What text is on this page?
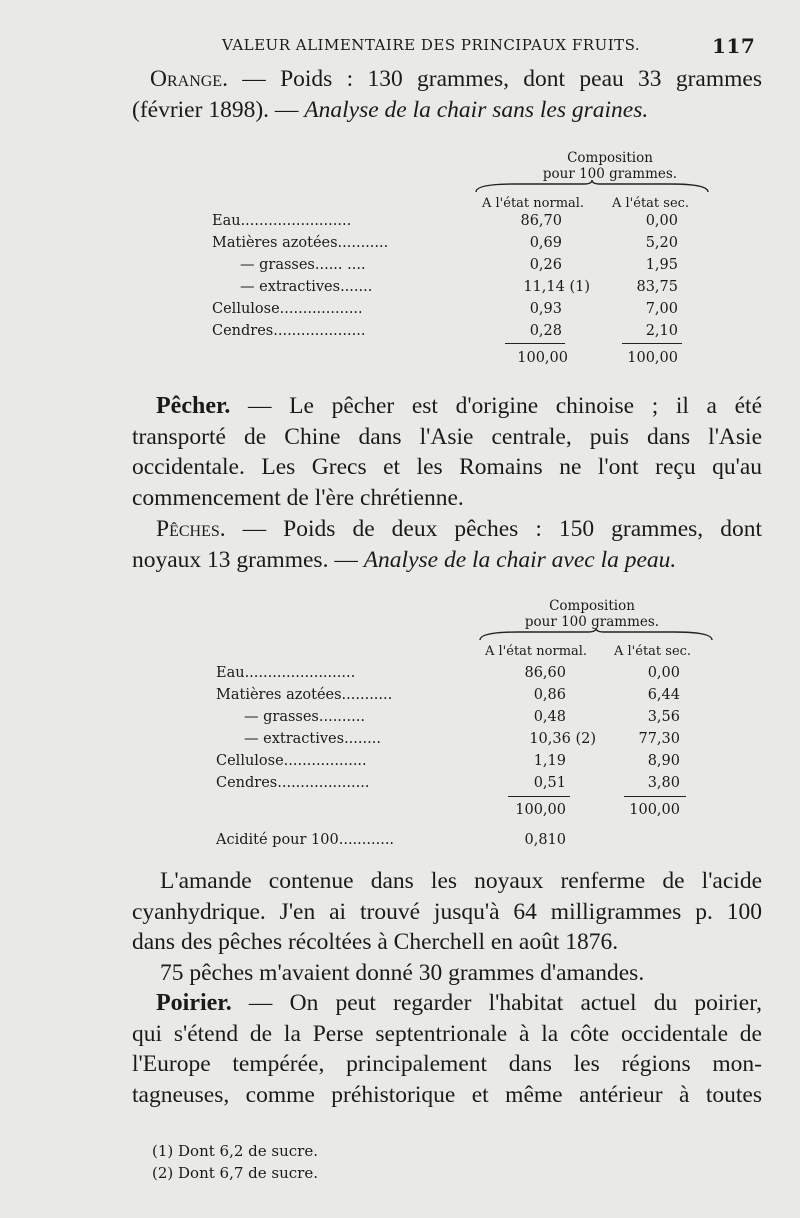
VALEUR ALIMENTAIRE DES PRINCIPAUX FRUITS.	117
Orange. — Poids : 130 grammes, dont peau 33 grammes
(février 1898). — Analyse de la chair sans les graines.
Composition
pour 100 grammes.
A l'état normal. A l'état sec.
Eau........................	86,70	0,00
Matières azotées...........	0,69	5,20
— grasses...... ....	0,26	1,95
— extractives.......	11,14 (1)	83,75
Cellulose..................	0,93	7,00
Cendres....................	0,28	2,10
100,00	100,00
Pêcher. — Le pêcher est d'origine chinoise ; il a été
transporté de Chine dans l'Asie centrale, puis dans l'Asie
occidentale. Les Grecs et les Romains ne l'ont reçu qu'au
commencement de l'ère chrétienne.
Pêches. — Poids de deux pêches : 150 grammes, dont
noyaux 13 grammes. — Analyse de la chair avec la peau.
Composition
pour 100 grammes.
A l'état normal. A l'état sec.
Eau........................	86,60	0,00
Matières azotées...........	0,86	6,44
— grasses..........	0,48	3,56
— extractives........	10,36 (2)	77,30
Cellulose..................	1,19	8,90
Cendres....................	0,51	3,80
100,00	100,00
Acidité pour 100............	0,810
L'amande contenue dans les noyaux renferme de l'acide
cyanhydrique. J'en ai trouvé jusqu'à 64 milligrammes p. 100
dans des pêches récoltées à Cherchell en août 1876.
75 pêches m'avaient donné 30 grammes d'amandes.
Poirier. — On peut regarder l'habitat actuel du poirier,
qui s'étend de la Perse septentrionale à la côte occidentale de
l'Europe tempérée, principalement dans les régions mon-
tagneuses, comme préhistorique et même antérieur à toutes
(1) Dont 6,2 de sucre.
(2) Dont 6,7 de sucre.
